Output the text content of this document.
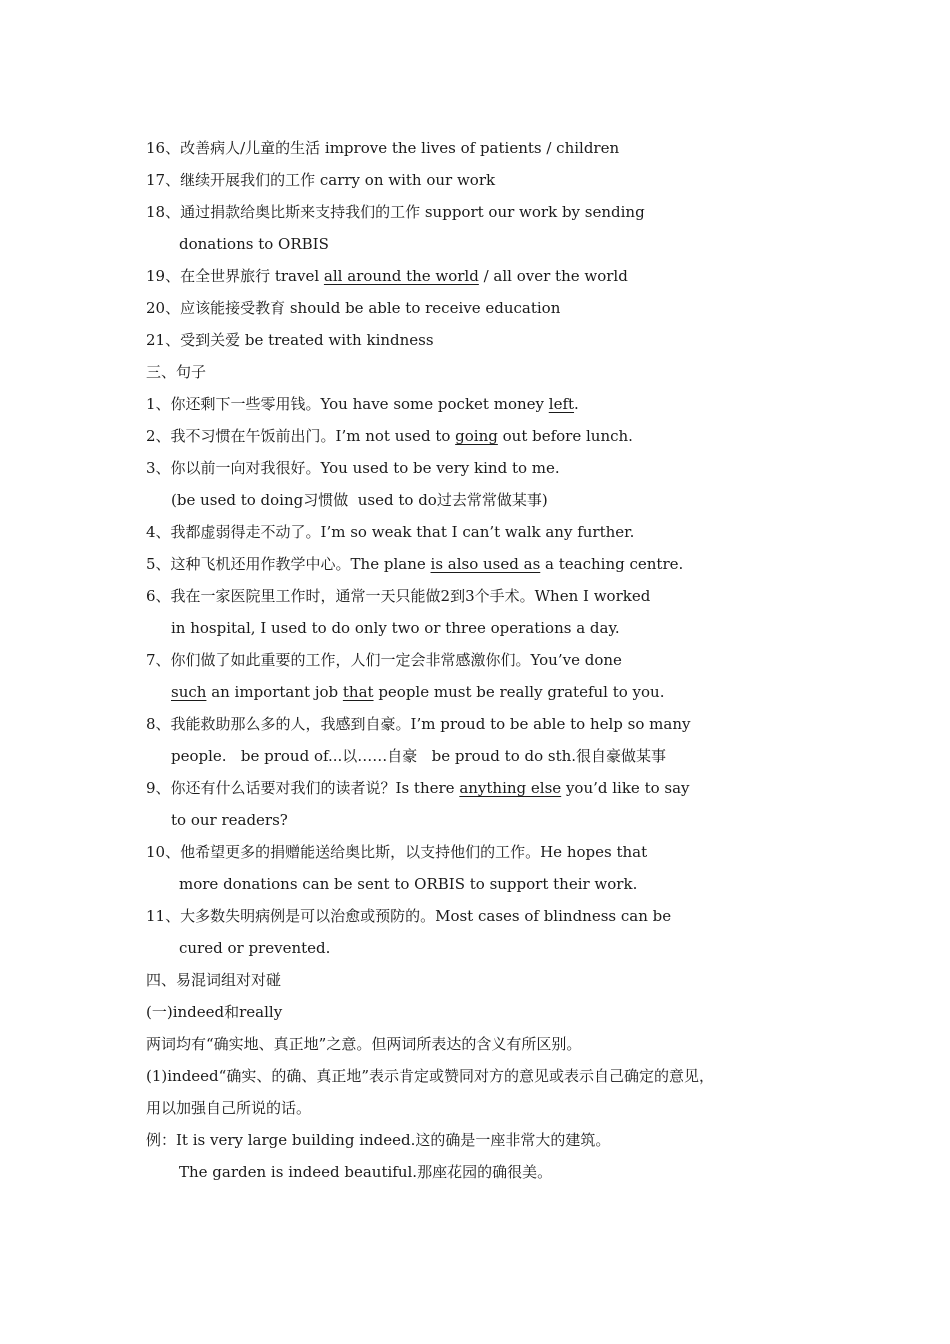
16、改善病人/儿童的生活 improve the lives of patients / children
17、继续开展我们的工作 carry on with our work
18、通过捐款给奥比斯来支持我们的工作 support our work by sending
donations to ORBIS
19、在全世界旅行 travel all around the world / all over the world
20、应该能接受教育 should be able to receive education
21、受到关爱 be treated with kindness
三、句子
1、你还剩下一些零用钱。You have some pocket money left.
2、我不习惯在午饭前出门。I’m not used to going out before lunch.
3、你以前一向对我很好。You used to be very kind to me.
(be used to doing习惯做  used to do过去常常做某事)
4、我都虚弱得走不动了。I’m so weak that I can’t walk any further.
5、这种飞机还用作教学中心。The plane is also used as a teaching centre.
6、我在一家医院里工作时，通常一天只能做2到3个手术。When I worked
in hospital, I used to do only two or three operations a day.
7、你们做了如此重要的工作，人们一定会非常感激你们。You’ve done
such an important job that people must be really grateful to you.
8、我能救助那么多的人，我感到自豪。I’m proud to be able to help so many
people.   be proud of...以……自豪   be proud to do sth.很自豪做某事
9、你还有什么话要对我们的读者说？Is there anything else you’d like to say
to our readers?
10、他希望更多的捐赠能送给奥比斯，以支持他们的工作。He hopes that
more donations can be sent to ORBIS to support their work.
11、大多数失明病例是可以治愈或预防的。Most cases of blindness can be
cured or prevented.
四、易混词组对对碰
(一)indeed和really
两词均有“确实地、真正地”之意。但两词所表达的含义有所区别。
(1)indeed“确实、的确、真正地”表示肯定或赞同对方的意见或表示自己确定的意见，
用以加强自己所说的话。
例：It is very large building indeed.这的确是一座非常大的建筑。
The garden is indeed beautiful.那座花园的确很美。
